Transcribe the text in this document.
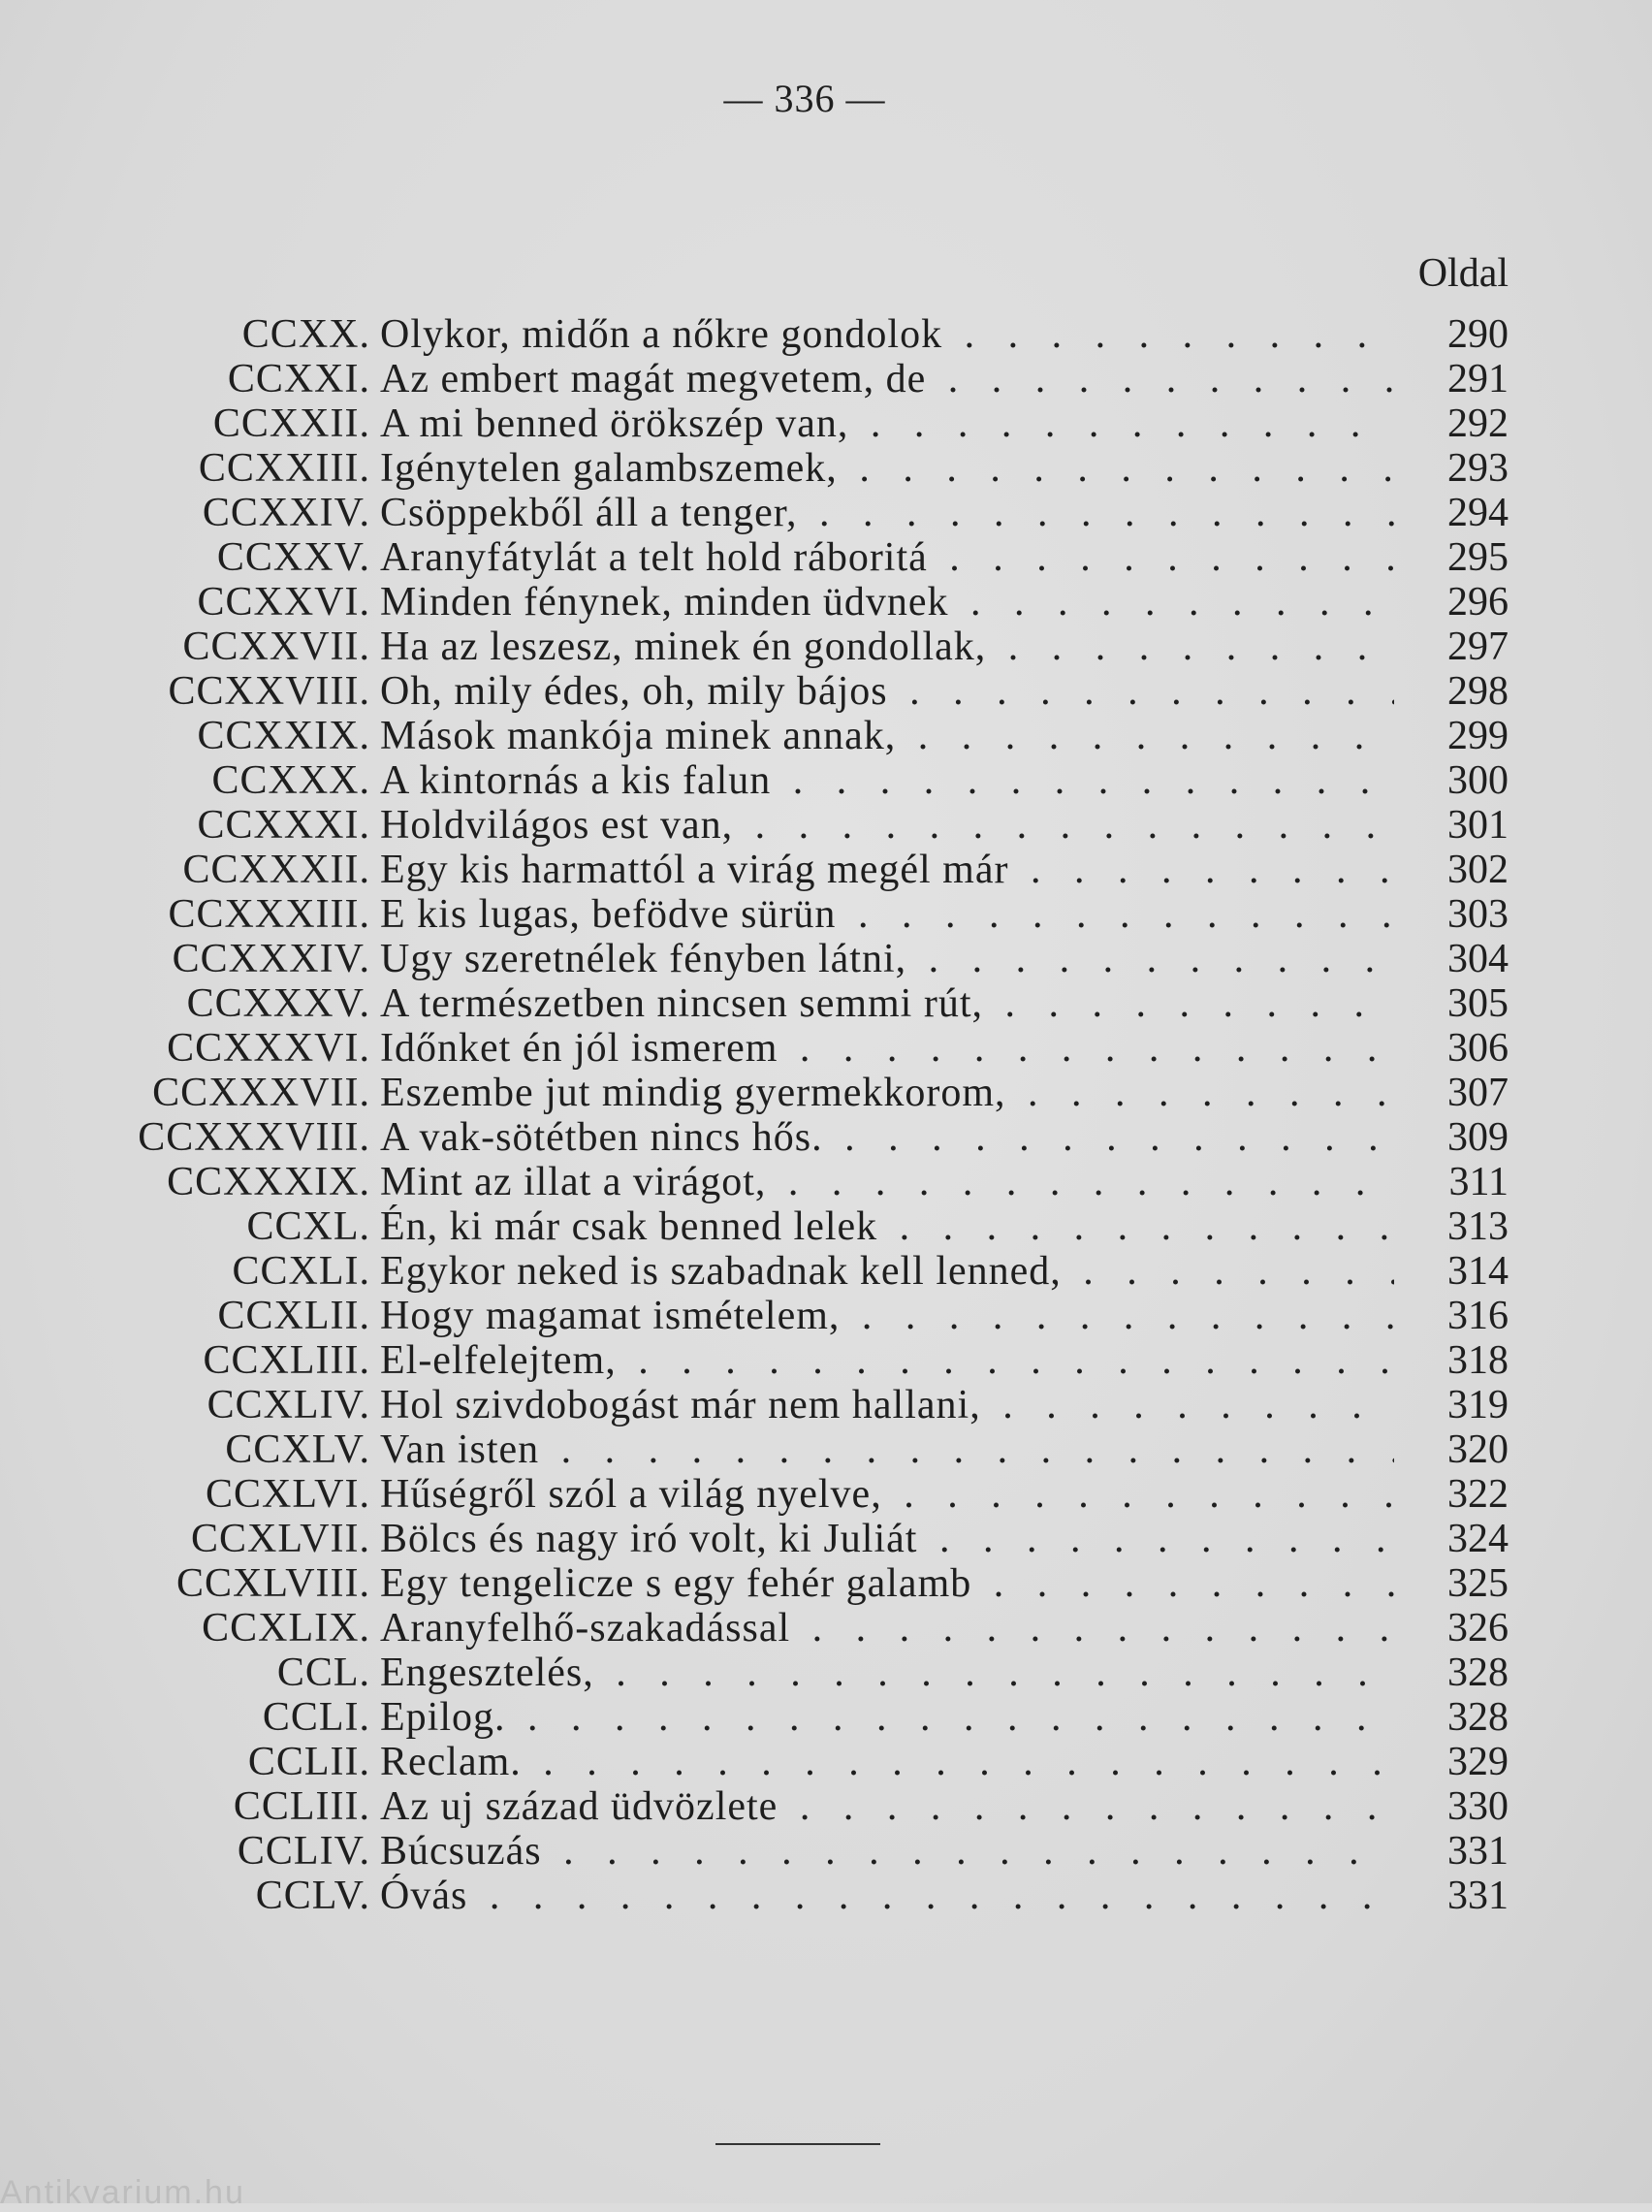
— 336 —
Oldal
CCXX. Olykor, midőn a nőkre gondolok . . .	290
CCXXI. Az embert magát megvetem, de . . .	291
CCXXII. A mi benned örökszép van, . . .	292
CCXXIII. Igénytelen galambszemek, . . .	293
CCXXIV. Csöppekből áll a tenger, . . .	294
CCXXV. Aranyfátylát a telt hold ráboritá . . .	295
CCXXVI. Minden fénynek, minden üdvnek . . .	296
CCXXVII. Ha az leszesz, minek én gondollak, . . .	297
CCXXVIII. Oh, mily édes, oh, mily bájos . . .	298
CCXXIX. Mások mankója minek annak, . . .	299
CCXXX. A kintornás a kis falun . . .	300
CCXXXI. Holdvilágos est van, . . .	301
CCXXXII. Egy kis harmattól a virág megél már . . .	302
CCXXXIII. E kis lugas, befödve sürün . . .	303
CCXXXIV. Ugy szeretnélek fényben látni, . . .	304
CCXXXV. A természetben nincsen semmi rút, . . .	305
CCXXXVI. Időnket én jól ismerem . . .	306
CCXXXVII. Eszembe jut mindig gyermekkorom, . . .	307
CCXXXVIII. A vak-sötétben nincs hős. . . .	309
CCXXXIX. Mint az illat a virágot, . . .	311
CCXL. Én, ki már csak benned lelek . . .	313
CCXLI. Egykor neked is szabadnak kell lenned, . . .	314
CCXLII. Hogy magamat ismételem, . . .	316
CCXLIII. El-elfelejtem, . . .	318
CCXLIV. Hol szivdobogást már nem hallani, . . .	319
CCXLV. Van isten . . .	320
CCXLVI. Hűségről szól a világ nyelve, . . .	322
CCXLVII. Bölcs és nagy iró volt, ki Juliát . . .	324
CCXLVIII. Egy tengelicze s egy fehér galamb . . .	325
CCXLIX. Aranyfelhő-szakadással . . .	326
CCL. Engesztelés, . . .	328
CCLI. Epilog. . . .	328
CCLII. Reclam. . . .	329
CCLIII. Az uj század üdvözlete . . .	330
CCLIV. Búcsuzás . . .	331
CCLV. Óvás . . .	331
Antikvarium.hu
